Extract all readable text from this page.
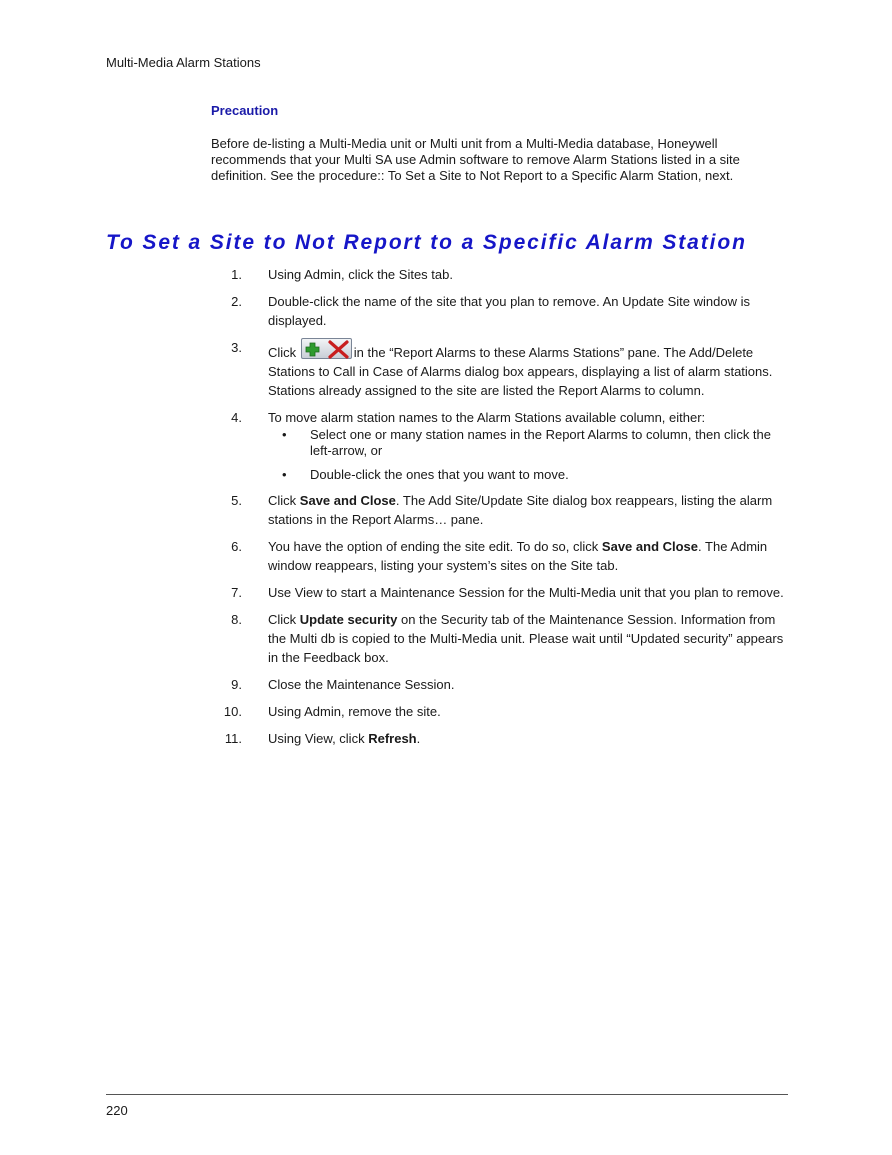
Multi-Media Alarm Stations

Precaution

Before de-listing a Multi-Media unit or Multi unit from a Multi-Media database, Honeywell recommends that your Multi SA use Admin software to remove Alarm Stations listed in a site definition. See the procedure:: To Set a Site to Not Report to a Specific Alarm Station, next.

To Set a Site to Not Report to a Specific Alarm Station
1. Using Admin, click the Sites tab.
2. Double-click the name of the site that you plan to remove. An Update Site window is displayed.
3. Click	in the “Report Alarms to these Alarms Stations” pane. The Add/Delete Stations to Call in Case of Alarms dialog box appears, displaying a list of alarm stations. Stations already assigned to the site are listed the Report Alarms to column.
4. To move alarm station names to the Alarm Stations available column, either:
• Select one or many station names in the Report Alarms to column, then click the left-arrow, or
• Double-click the ones that you want to move.
5. Click Save and Close. The Add Site/Update Site dialog box reappears, listing the alarm stations in the Report Alarms… pane.
6. You have the option of ending the site edit. To do so, click Save and Close. The Admin window reappears, listing your system’s sites on the Site tab.
7. Use View to start a Maintenance Session for the Multi-Media unit that you plan to remove.
8. Click Update security on the Security tab of the Maintenance Session. Information from the Multi db is copied to the Multi-Media unit. Please wait until “Updated security” appears in the Feedback box.
9. Close the Maintenance Session.
10. Using Admin, remove the site.
11. Using View, click Refresh.
220
